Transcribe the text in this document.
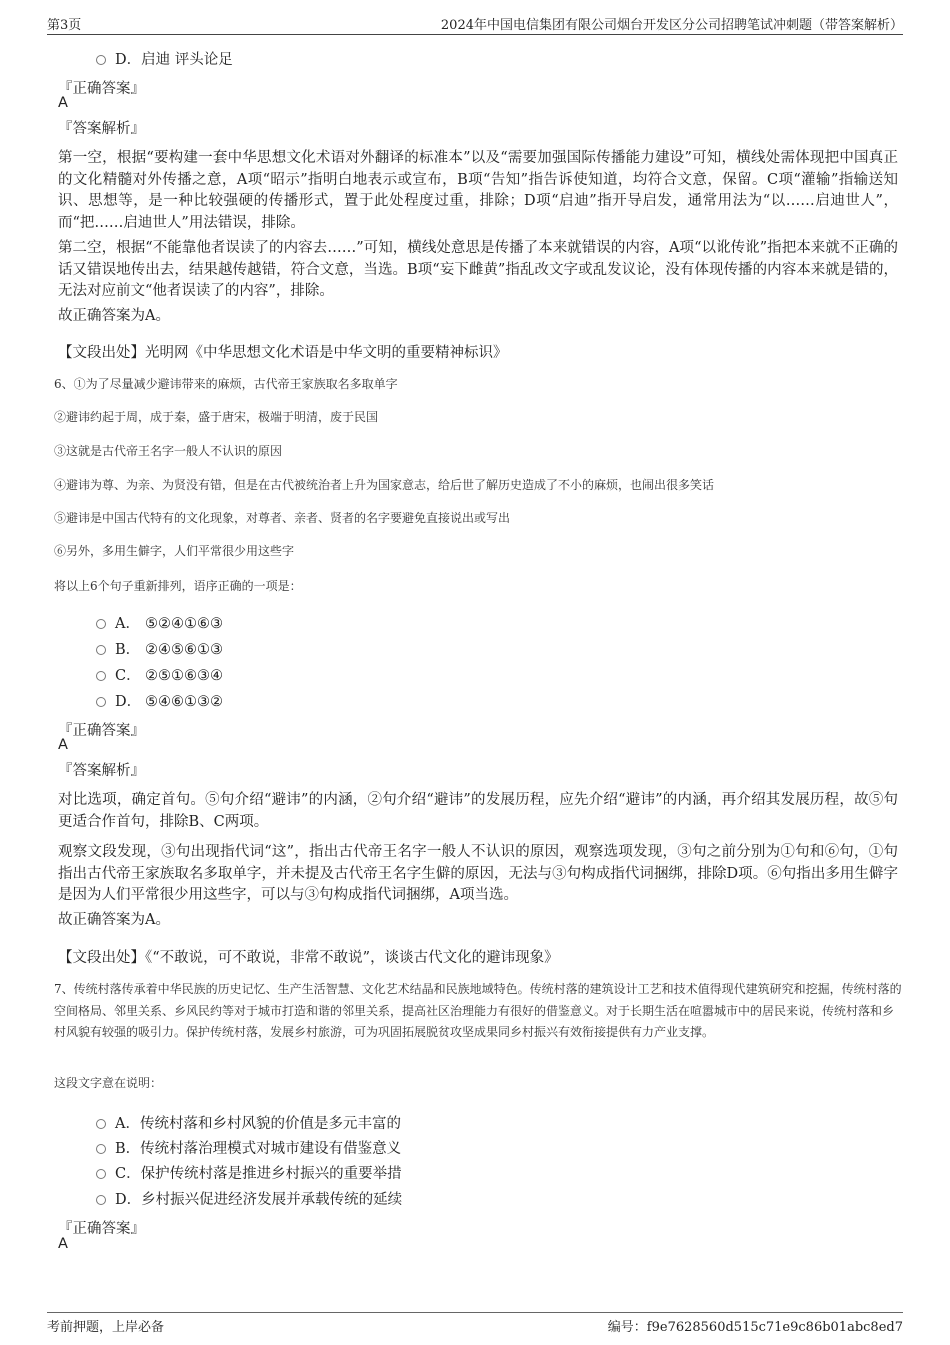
第3页	2024年中国电信集团有限公司烟台开发区分公司招聘笔试冲刺题（带答案解析）
D．启迪 评头论足
『正确答案』
A
『答案解析』
第一空，根据“要构建一套中华思想文化术语对外翻译的标准本”以及“需要加强国际传播能力建设”可知，横线处需体现把中国真正的文化精髓对外传播之意，A项“昭示”指明白地表示或宣布，B项“告知”指告诉使知道，均符合文意，保留。C项“灌输”指输送知识、思想等，是一种比较强硬的传播形式，置于此处程度过重，排除；D项“启迪”指开导启发，通常用法为“以……启迪世人”，而“把……启迪世人”用法错误，排除。
第二空，根据“不能靠他者误读了的内容去……”可知，横线处意思是传播了本来就错误的内容，A项“以讹传讹”指把本来就不正确的话又错误地传出去，结果越传越错，符合文意，当选。B项“妄下雌黄”指乱改文字或乱发议论，没有体现传播的内容本来就是错的，无法对应前文“他者误读了的内容”，排除。
故正确答案为A。
【文段出处】光明网《中华思想文化术语是中华文明的重要精神标识》
6、①为了尽量减少避讳带来的麻烦，古代帝王家族取名多取单字
②避讳约起于周，成于秦，盛于唐宋，极端于明清，废于民国
③这就是古代帝王名字一般人不认识的原因
④避讳为尊、为亲、为贤没有错，但是在古代被统治者上升为国家意志，给后世了解历史造成了不小的麻烦，也闹出很多笑话
⑤避讳是中国古代特有的文化现象，对尊者、亲者、贤者的名字要避免直接说出或写出
⑥另外，多用生僻字，人们平常很少用这些字
将以上6个句子重新排列，语序正确的一项是：
A． ⑤②④①⑥③
B． ②④⑤⑥①③
C． ②⑤①⑥③④
D． ⑤④⑥①③②
『正确答案』
A
『答案解析』
对比选项，确定首句。⑤句介绍“避讳”的内涵，②句介绍“避讳”的发展历程，应先介绍“避讳”的内涵，再介绍其发展历程，故⑤句更适合作首句，排除B、C两项。
观察文段发现，③句出现指代词“这”，指出古代帝王名字一般人不认识的原因，观察选项发现，③句之前分别为①句和⑥句，①句指出古代帝王家族取名多取单字，并未提及古代帝王名字生僻的原因，无法与③句构成指代词捆绑，排除D项。⑥句指出多用生僻字是因为人们平常很少用这些字，可以与③句构成指代词捆绑，A项当选。
故正确答案为A。
【文段出处】《“不敢说，可不敢说，非常不敢说”，谈谈古代文化的避讳现象》
7、传统村落传承着中华民族的历史记忆、生产生活智慧、文化艺术结晶和民族地域特色。传统村落的建筑设计工艺和技术值得现代建筑研究和挖掘，传统村落的空间格局、邻里关系、乡风民约等对于城市打造和谐的邻里关系，提高社区治理能力有很好的借鉴意义。对于长期生活在喧嚣城市中的居民来说，传统村落和乡村风貌有较强的吸引力。保护传统村落，发展乡村旅游，可为巩固拓展脱贫攻坚成果同乡村振兴有效衔接提供有力产业支撑。
这段文字意在说明：
A．传统村落和乡村风貌的价值是多元丰富的
B．传统村落治理模式对城市建设有借鉴意义
C．保护传统村落是推进乡村振兴的重要举措
D．乡村振兴促进经济发展并承载传统的延续
『正确答案』
A
考前押题，上岸必备	编号：f9e7628560d515c71e9c86b01abc8ed7
